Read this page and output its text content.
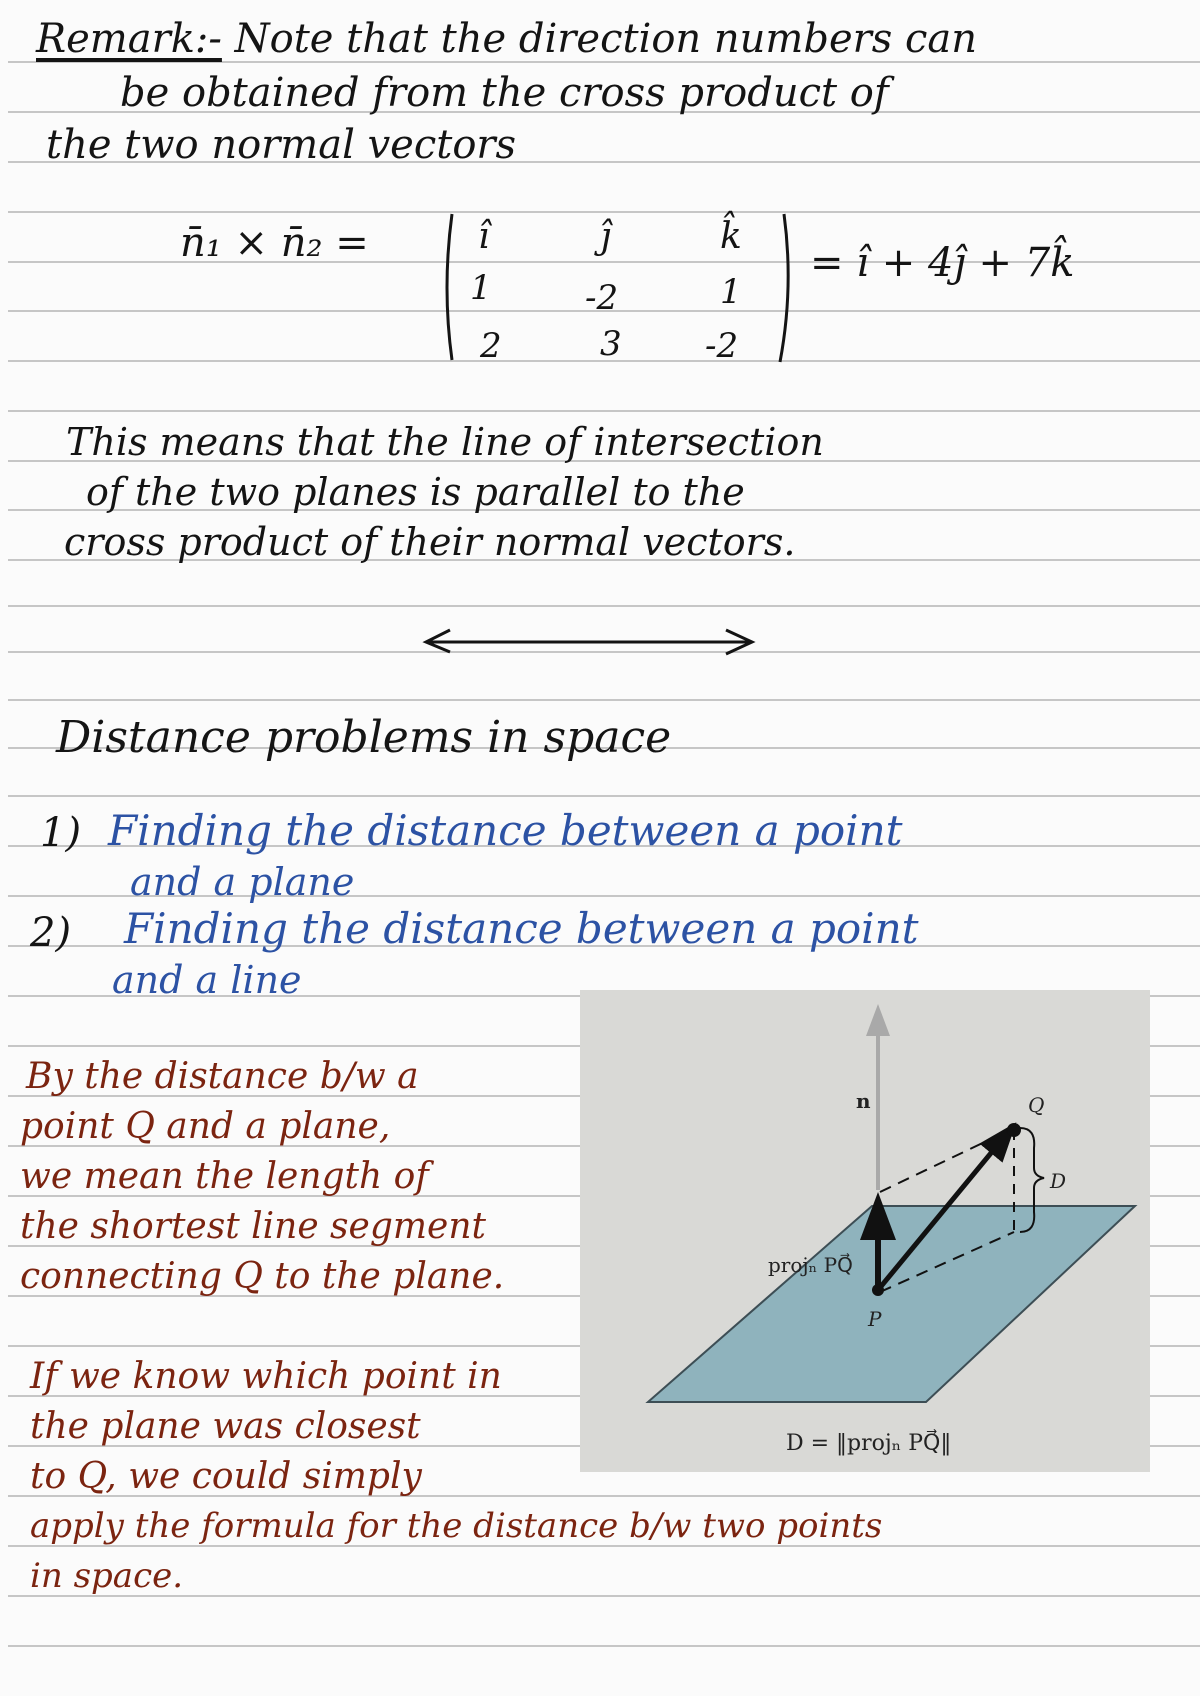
Remark:- Note that the direction numbers can
be obtained from the cross product of
the two normal vectors
n̄₁ × n̄₂ =	î	ĵ	k̂
1	-2	1
2	3 -2
= î + 4ĵ + 7k̂
This means that the line of intersection
of the two planes is parallel to the
cross product of their normal vectors.
Distance problems in space
1) Finding the distance between a point
and a plane
2) Finding the distance between a point
and a line
By the distance b/w a
point Q and a plane,
we mean the length of
the shortest line segment
connecting Q to the plane.
If we know which point in
the plane was closest
to Q, we could simply
apply the formula for the distance b/w two points
in space.
n	Q
D
P
projₙ PQ⃗
D = ‖projₙ PQ⃗‖
